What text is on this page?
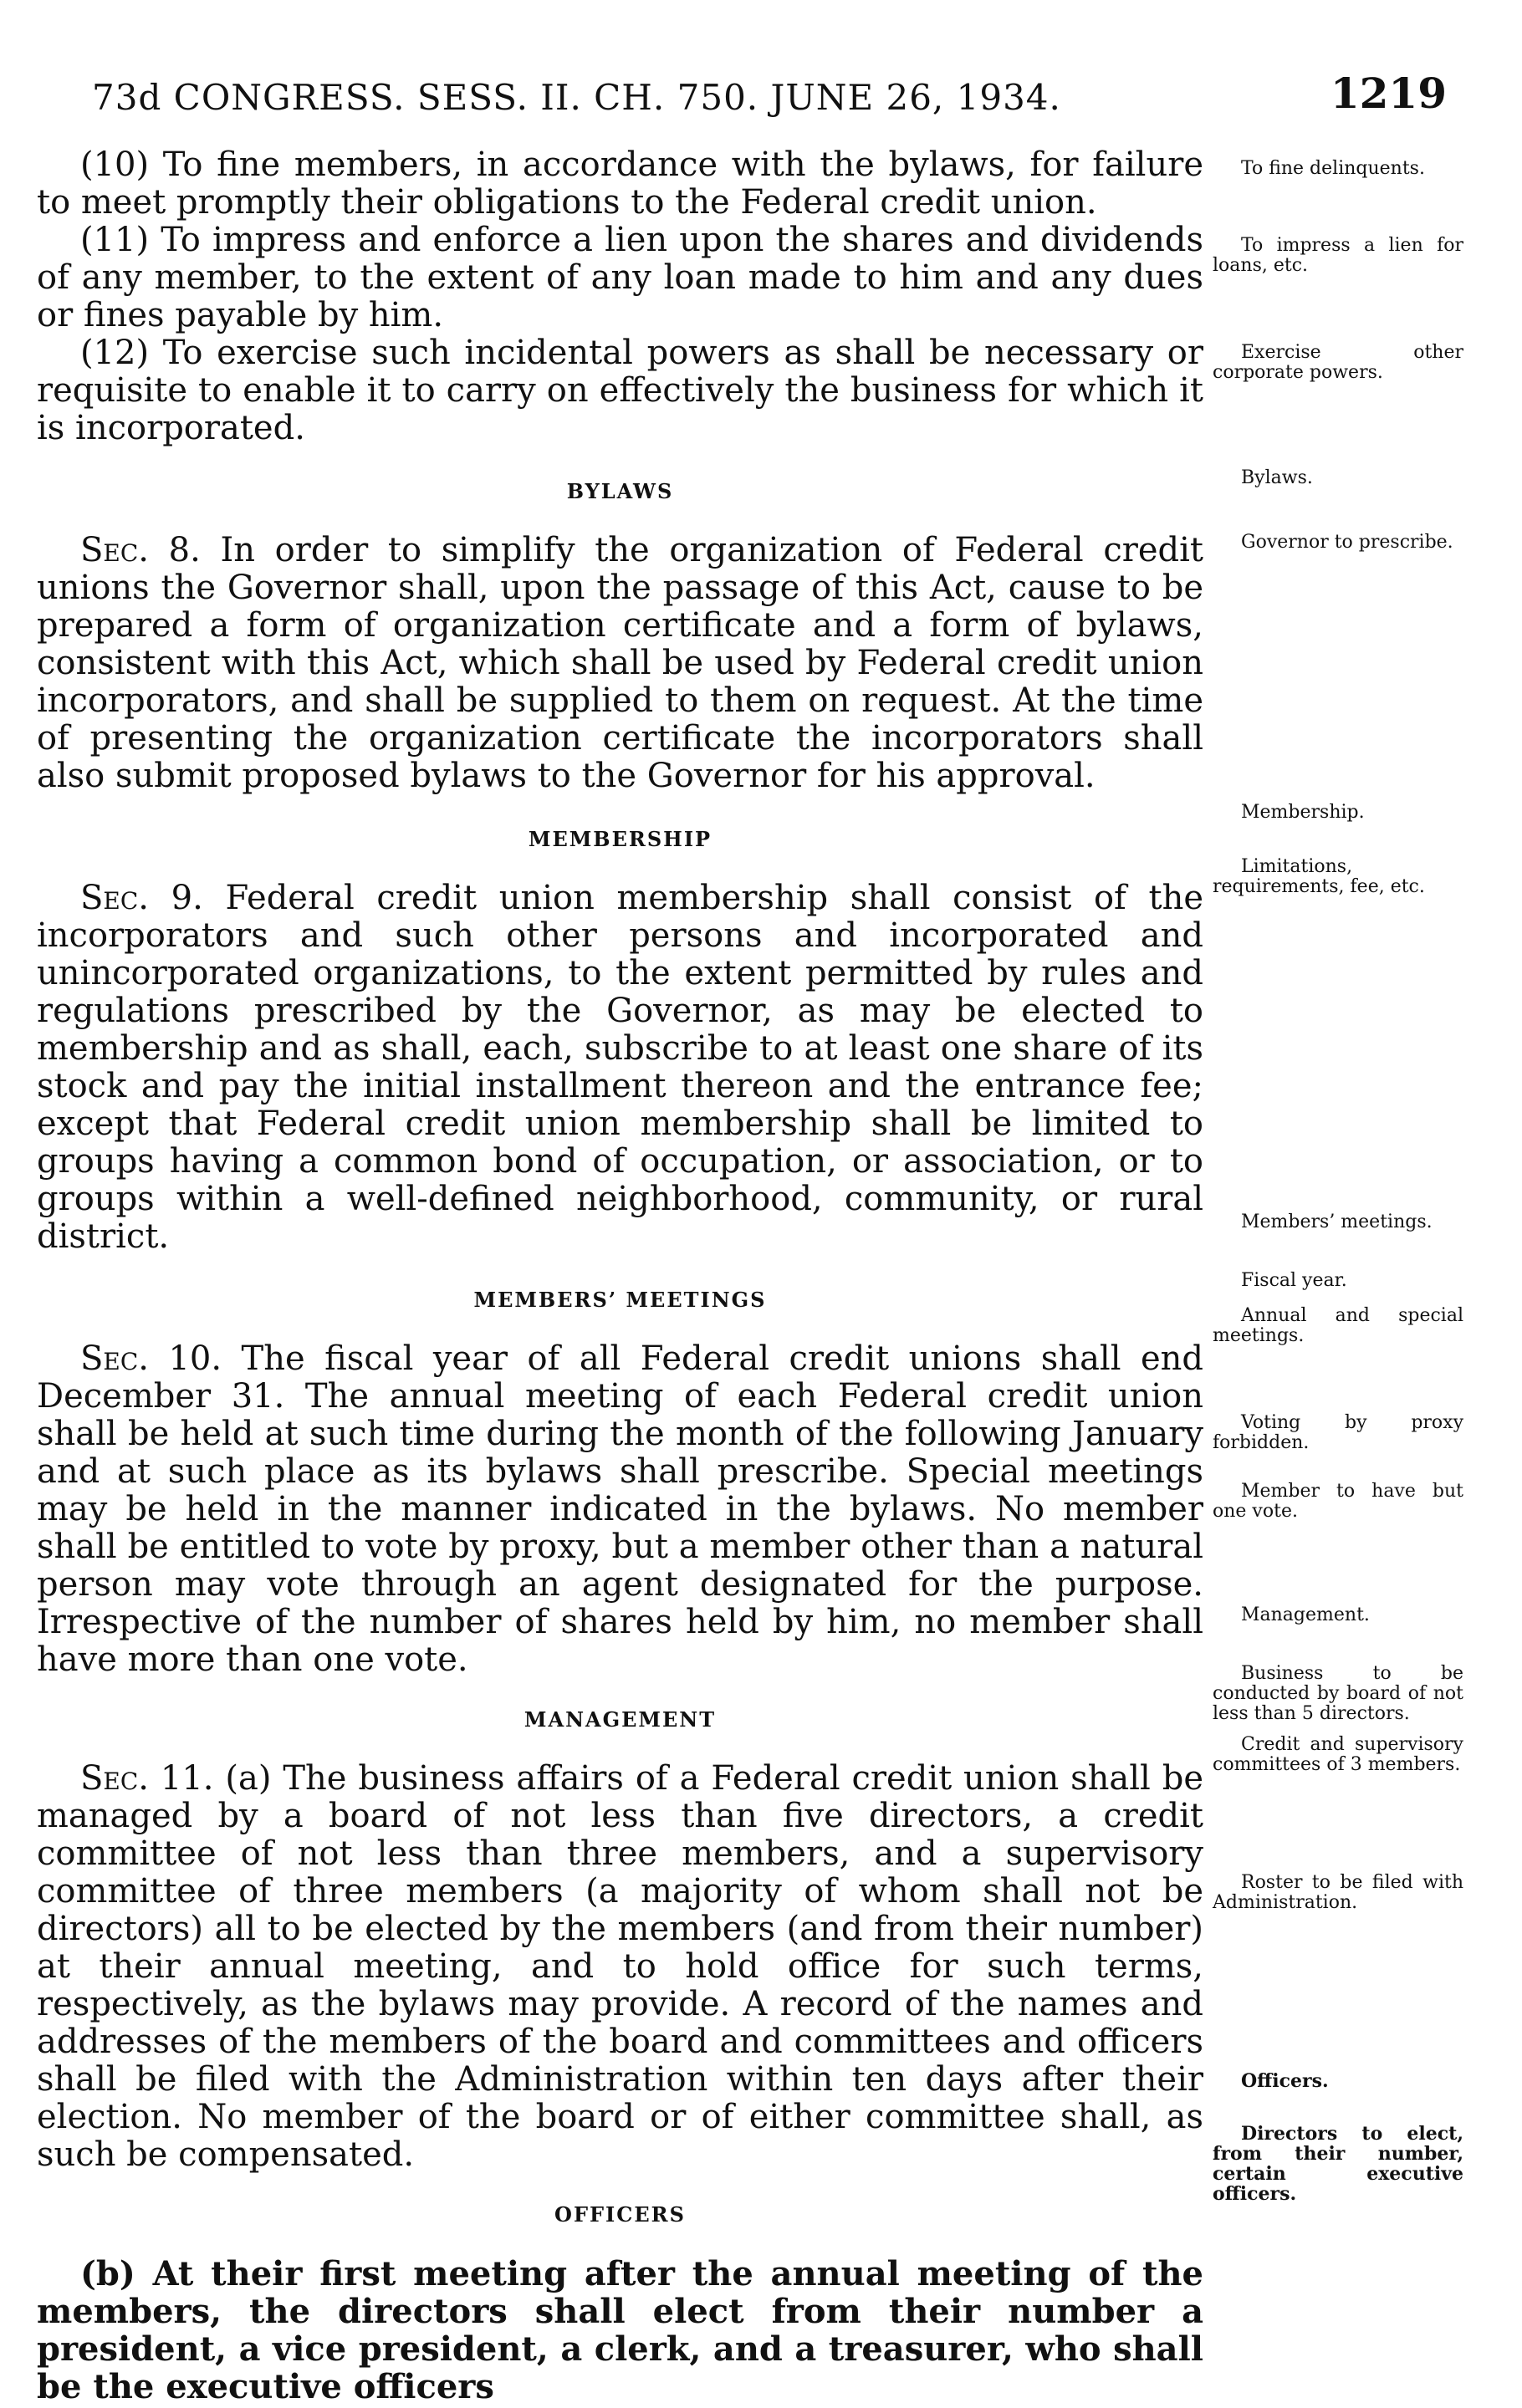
73d CONGRESS. SESS. II. CH. 750. JUNE 26, 1934.	1219

(10) To fine members, in accordance with the bylaws, for failure to meet promptly their obligations to the Federal credit union.

(11) To impress and enforce a lien upon the shares and dividends of any member, to the extent of any loan made to him and any dues or fines payable by him.

(12) To exercise such incidental powers as shall be necessary or requisite to enable it to carry on effectively the business for which it is incorporated.

BYLAWS

Sec. 8. In order to simplify the organization of Federal credit unions the Governor shall, upon the passage of this Act, cause to be prepared a form of organization certificate and a form of bylaws, consistent with this Act, which shall be used by Federal credit union incorporators, and shall be supplied to them on request. At the time of presenting the organization certificate the incorporators shall also submit proposed bylaws to the Governor for his approval.

MEMBERSHIP

Sec. 9. Federal credit union membership shall consist of the incorporators and such other persons and incorporated and unincorporated organizations, to the extent permitted by rules and regulations prescribed by the Governor, as may be elected to membership and as shall, each, subscribe to at least one share of its stock and pay the initial installment thereon and the entrance fee; except that Federal credit union membership shall be limited to groups having a common bond of occupation, or association, or to groups within a well-defined neighborhood, community, or rural district.

MEMBERS’ MEETINGS

Sec. 10. The fiscal year of all Federal credit unions shall end December 31. The annual meeting of each Federal credit union shall be held at such time during the month of the following January and at such place as its bylaws shall prescribe. Special meetings may be held in the manner indicated in the bylaws. No member shall be entitled to vote by proxy, but a member other than a natural person may vote through an agent designated for the purpose. Irrespective of the number of shares held by him, no member shall have more than one vote.

MANAGEMENT

Sec. 11. (a) The business affairs of a Federal credit union shall be managed by a board of not less than five directors, a credit committee of not less than three members, and a supervisory committee of three members (a majority of whom shall not be directors) all to be elected by the members (and from their number) at their annual meeting, and to hold office for such terms, respectively, as the bylaws may provide. A record of the names and addresses of the members of the board and committees and officers shall be filed with the Administration within ten days after their election. No member of the board or of either committee shall, as such be compensated.

OFFICERS

(b) At their first meeting after the annual meeting of the members, the directors shall elect from their number a president, a vice president, a clerk, and a treasurer, who shall be the executive officers

To fine delinquents.
To impress a lien for loans, etc.
Exercise other corporate powers.
Bylaws.
Governor to prescribe.
Membership.
Limitations, requirements, fee, etc.
Members’ meetings.
Fiscal year.
Annual and special meetings.
Voting by proxy forbidden.
Member to have but one vote.
Management.
Business to be conducted by board of not less than 5 directors.
Credit and supervisory committees of 3 members.
Roster to be filed with Administration.
Officers.
Directors to elect, from their number, certain executive officers.
